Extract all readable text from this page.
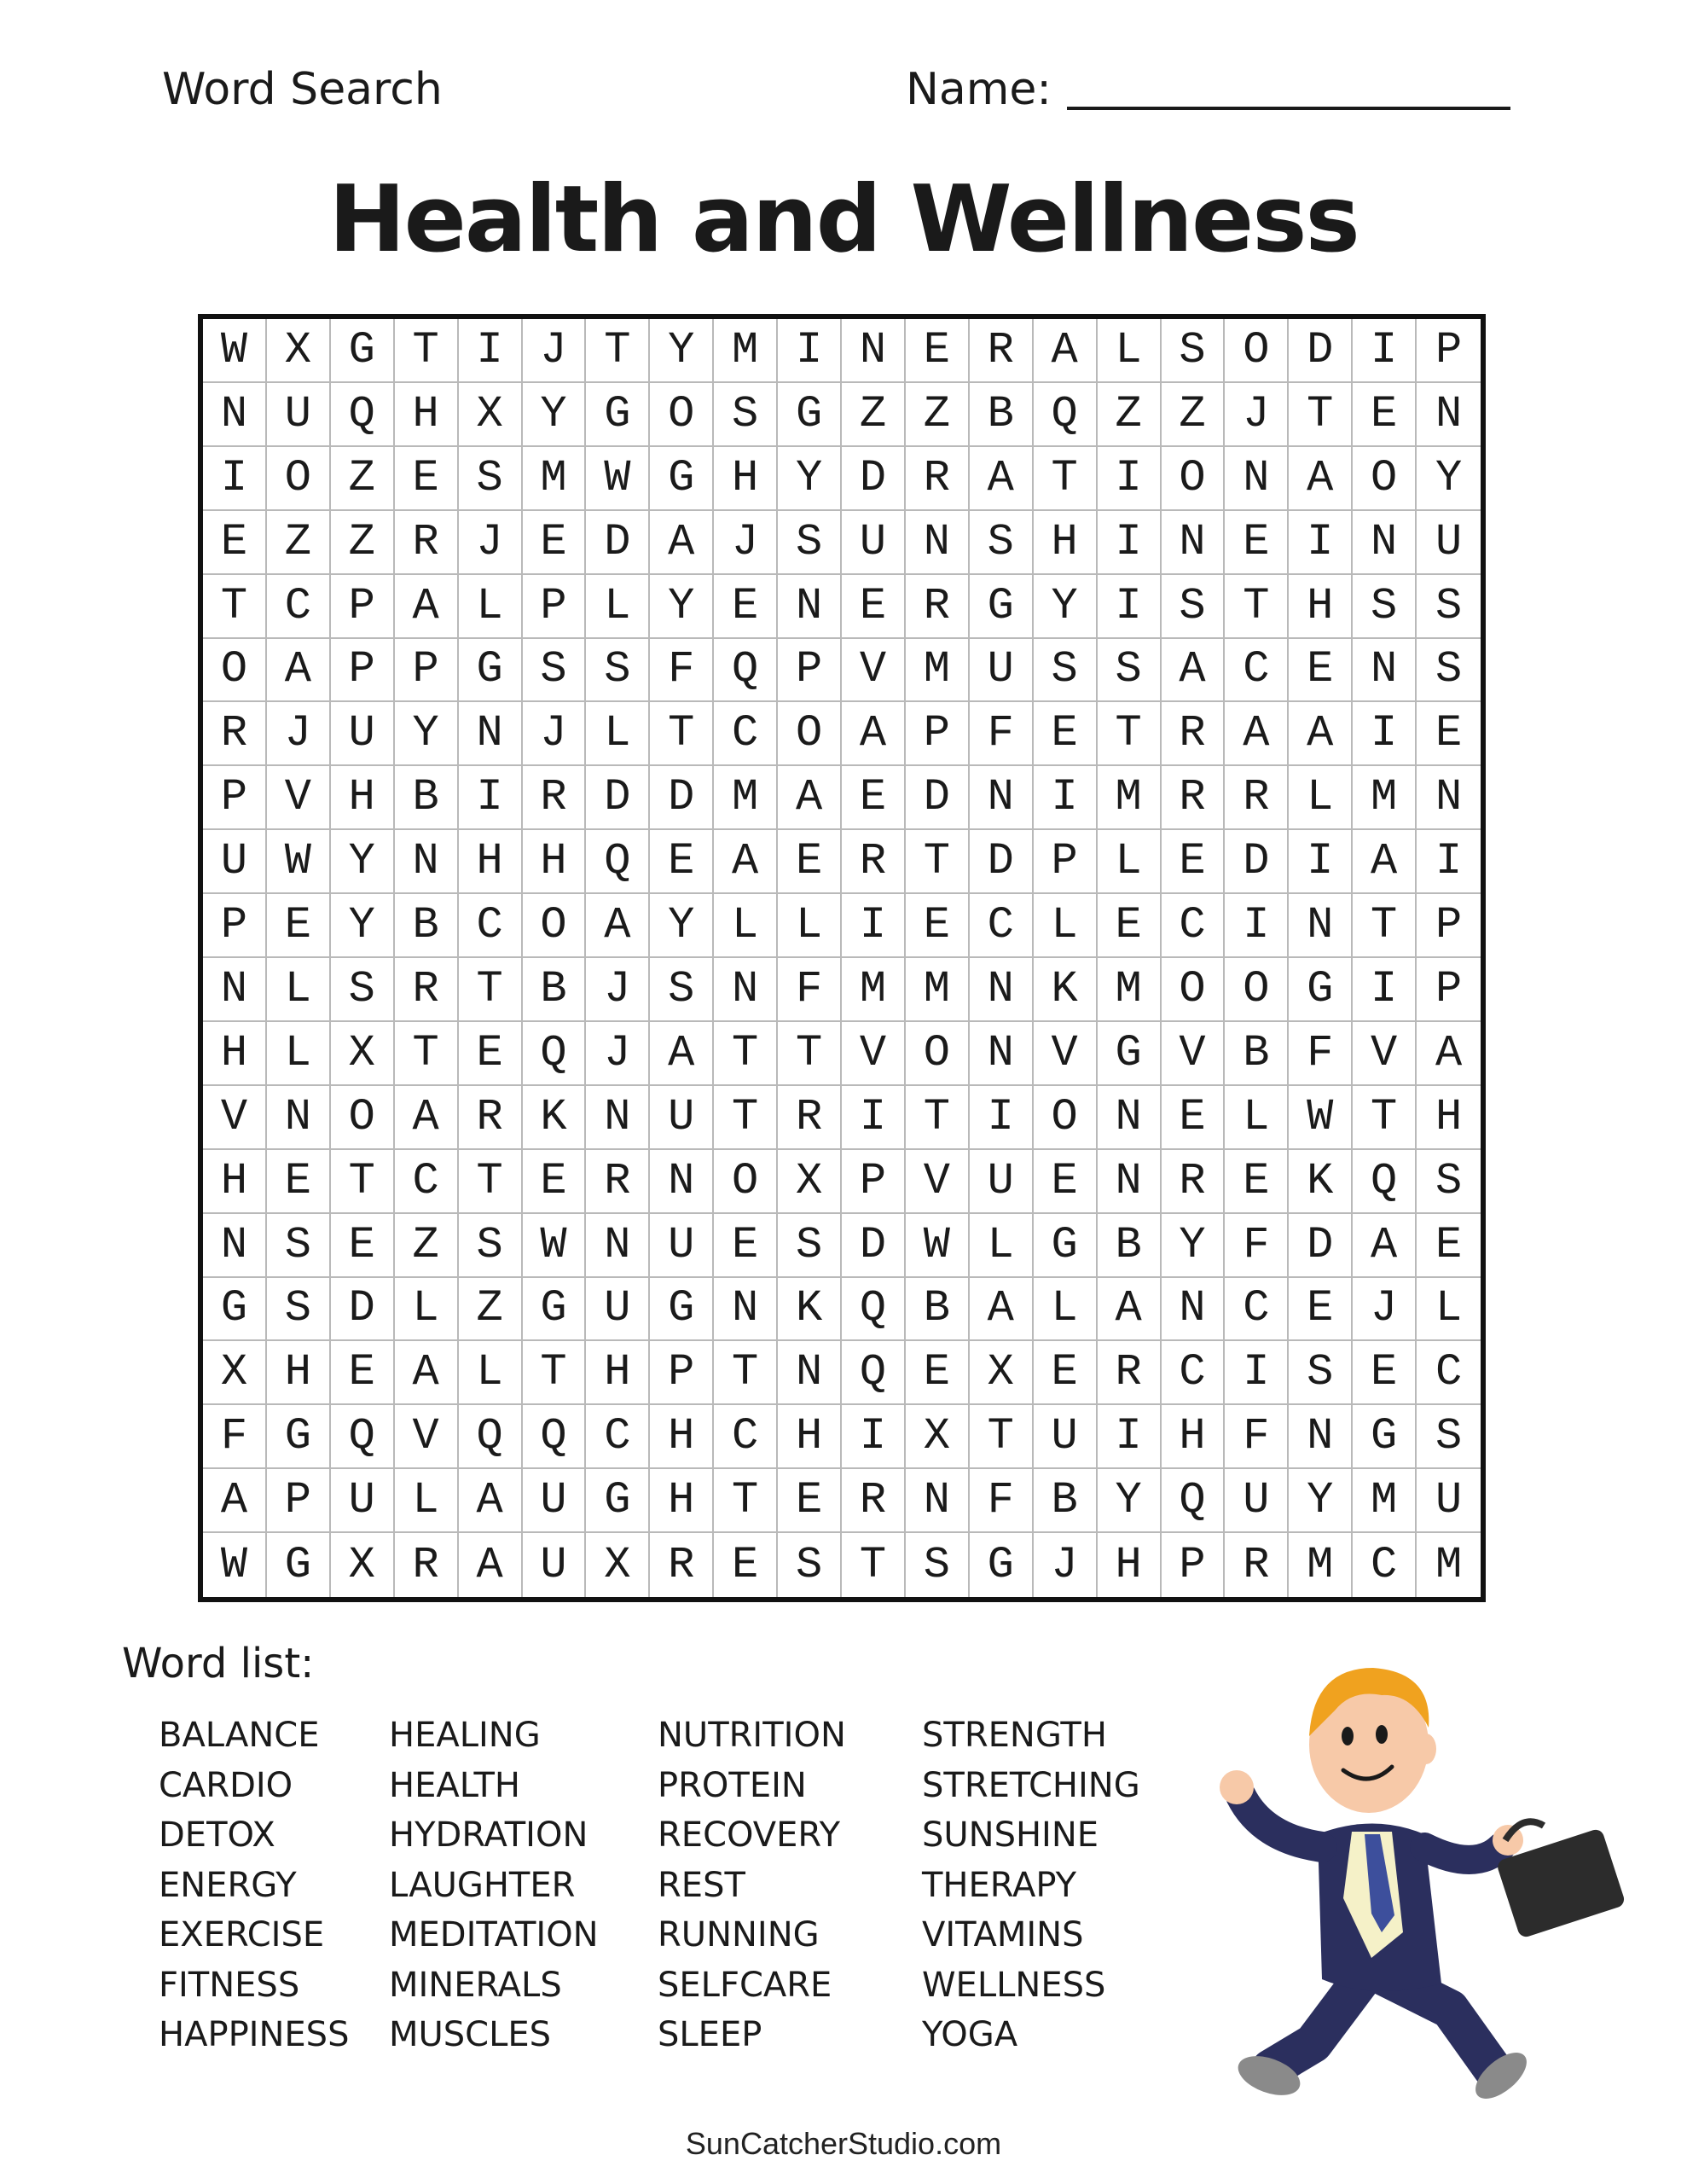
Word Search	Name:
Health and Wellness
W X G T I J T Y M I N E R A L S O D I P
N U Q H X Y G O S G Z Z B Q Z Z J T E N
I O Z E S M W G H Y D R A T I O N A O Y
E Z Z R J E D A J S U N S H I N E I N U
T C P A L P L Y E N E R G Y I S T H S S
O A P P G S S F Q P V M U S S A C E N S
R J U Y N J L T C O A P F E T R A A I E
P V H B I R D D M A E D N I M R R L M N
U W Y N H H Q E A E R T D P L E D I A I
P E Y B C O A Y L L I E C L E C I N T P
N L S R T B J S N F M M N K M O O G I P
H L X T E Q J A T T V O N V G V B F V A
V N O A R K N U T R I T I O N E L W T H
H E T C T E R N O X P V U E N R E K Q S
N S E Z S W N U E S D W L G B Y F D A E
G S D L Z G U G N K Q B A L A N C E J L
X H E A L T H P T N Q E X E R C I S E C
F G Q V Q Q C H C H I X T U I H F N G S
A P U L A U G H T E R N F B Y Q U Y M U
W G X R A U X R E S T S G J H P R M C M
Word list:
BALANCE
CARDIO
DETOX
ENERGY
EXERCISE
FITNESS
HAPPINESS
HEALING
HEALTH
HYDRATION
LAUGHTER
MEDITATION
MINERALS
MUSCLES
NUTRITION
PROTEIN
RECOVERY
REST
RUNNING
SELFCARE
SLEEP
STRENGTH
STRETCHING
SUNSHINE
THERAPY
VITAMINS
WELLNESS
YOGA
SunCatcherStudio.com
